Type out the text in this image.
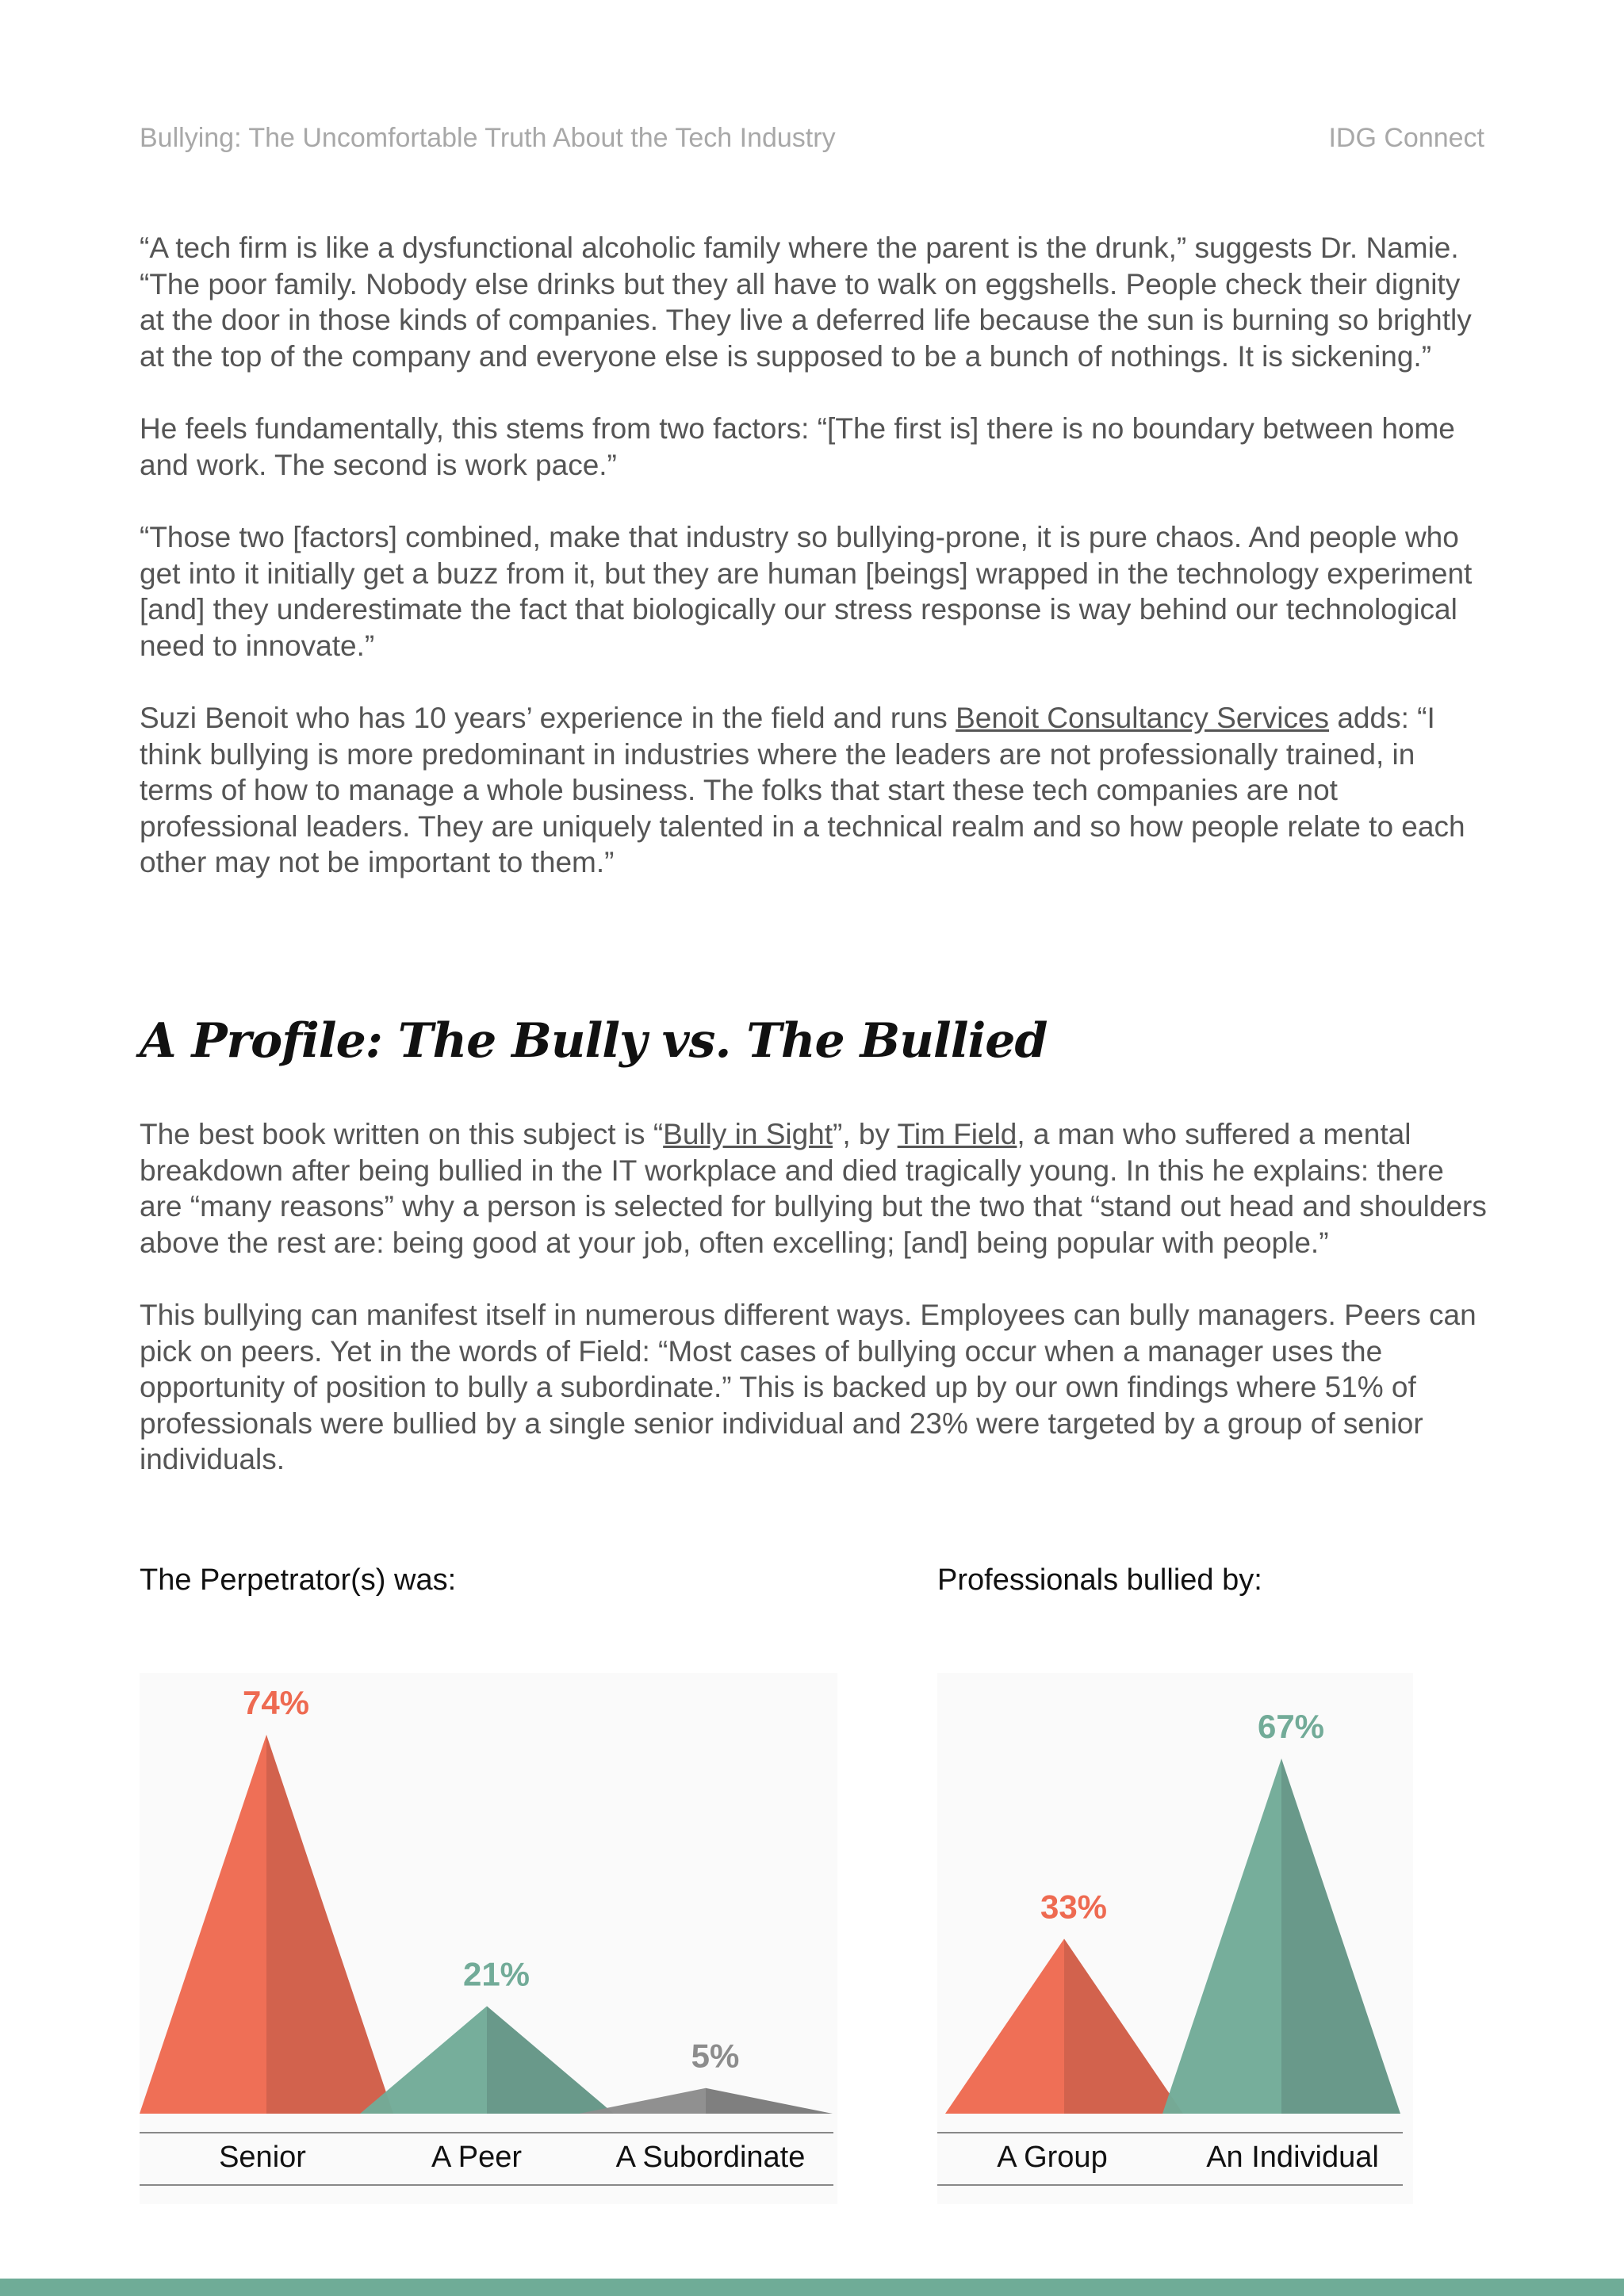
Bullying: The Uncomfortable Truth About the Tech Industry	IDG Connect

“A tech firm is like a dysfunctional alcoholic family where the parent is the drunk,” suggests Dr. Namie. “The poor family. Nobody else drinks but they all have to walk on eggshells. People check their dignity at the door in those kinds of companies. They live a deferred life because the sun is burning so brightly at the top of the company and everyone else is supposed to be a bunch of nothings. It is sickening.”

He feels fundamentally, this stems from two factors: “[The first is] there is no boundary between home and work. The second is work pace.”

“Those two [factors] combined, make that industry so bullying-prone, it is pure chaos. And people who get into it initially get a buzz from it, but they are human [beings] wrapped in the technology experiment [and] they underestimate the fact that biologically our stress response is way behind our technological need to innovate.”

Suzi Benoit who has 10 years’ experience in the field and runs Benoit Consultancy Services adds: “I think bullying is more predominant in industries where the leaders are not professionally trained, in terms of how to manage a whole business. The folks that start these tech companies are not professional leaders. They are uniquely talented in a technical realm and so how people relate to each other may not be important to them.”

A Profile: The Bully vs. The Bullied

The best book written on this subject is “Bully in Sight”, by Tim Field, a man who suffered a mental breakdown after being bullied in the IT workplace and died tragically young. In this he explains: there are “many reasons” why a person is selected for bullying but the two that “stand out head and shoulders above the rest are: being good at your job, often excelling; [and] being popular with people.”

This bullying can manifest itself in numerous different ways. Employees can bully managers. Peers can pick on peers. Yet in the words of Field: “Most cases of bullying occur when a manager uses the opportunity of position to bully a subordinate.” This is backed up by our own findings where 51% of professionals were bullied by a single senior individual and 23% were targeted by a group of senior individuals.

74%
Senior
21%
A Peer
5%
A Subordinate
The Perpetrator(s) was:
33%
A Group
67%
An Individual
Professionals bullied by:
